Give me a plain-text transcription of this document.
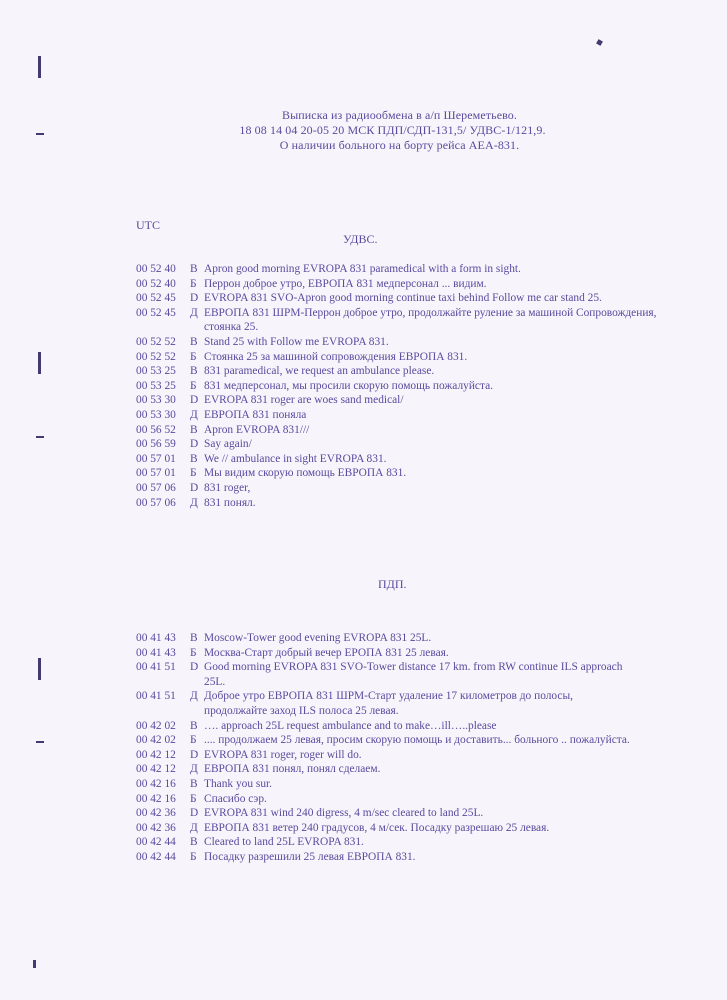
Выписка из радиообмена в а/п Шереметьево.
18 08 14 04 20-05 20 МСК ПДП/СДП-131,5/ УДВС-1/121,9.
О наличии больного на борту рейса АЕА-831.
UTC
УДВС.
00 52 40	В Apron good morning EVROPA 831 paramedical with a form in sight.
00 52 40	Б Перрон доброе утро, ЕВРОПА 831 медперсонал ... видим.
00 52 45	D EVROPA 831 SVO-Apron good morning continue taxi behind Follow me car stand 25.
00 52 45	Д ЕВРОПА 831 ШРМ-Перрон доброе утро, продолжайте руление за машиной Сопровождения, стоянка 25.
00 52 52	В Stand 25 with Follow me EVROPA 831.
00 52 52	Б Стоянка 25 за машиной сопровождения ЕВРОПА 831.
00 53 25	В 831 paramedical, we request an ambulance please.
00 53 25	Б 831 медперсонал, мы просили скорую помощь пожалуйста.
00 53 30	D EVROPA 831 roger are woes sand medical/
00 53 30	Д ЕВРОПА 831 поняла
00 56 52	В Apron EVROPA 831///
00 56 59	D Say again/
00 57 01	В We // ambulance in sight EVROPA 831.
00 57 01	Б Мы видим скорую помощь ЕВРОПА 831.
00 57 06	D 831 roger,
00 57 06	Д 831 понял.
ПДП.
00 41 43	В Moscow-Tower good evening EVROPA 831 25L.
00 41 43	Б Москва-Старт добрый вечер ЕРОПА 831 25 левая.
00 41 51	D Good morning EVROPA 831 SVO-Tower distance 17 km. from RW continue ILS approach 25L.
00 41 51	Д Доброе утро ЕВРОПА 831 ШРМ-Старт удаление 17 километров до полосы, продолжайте заход ILS полоса 25 левая.
00 42 02	В …. approach 25L request ambulance and to make…ill…..please
00 42 02	Б .... продолжаем 25 левая, просим скорую помощь и доставить... больного .. пожалуйста.
00 42 12	D EVROPA 831 roger, roger will do.
00 42 12	Д ЕВРОПА 831 понял, понял сделаем.
00 42 16	В Thank you sur.
00 42 16	Б Спасибо сэр.
00 42 36	D EVROPA 831 wind 240 digress, 4 m/sec cleared to land 25L.
00 42 36	Д ЕВРОПА 831 ветер 240 градусов, 4 м/сек. Посадку разрешаю 25 левая.
00 42 44	В Cleared to land 25L EVROPA 831.
00 42 44	Б Посадку разрешили 25 левая ЕВРОПА 831.
